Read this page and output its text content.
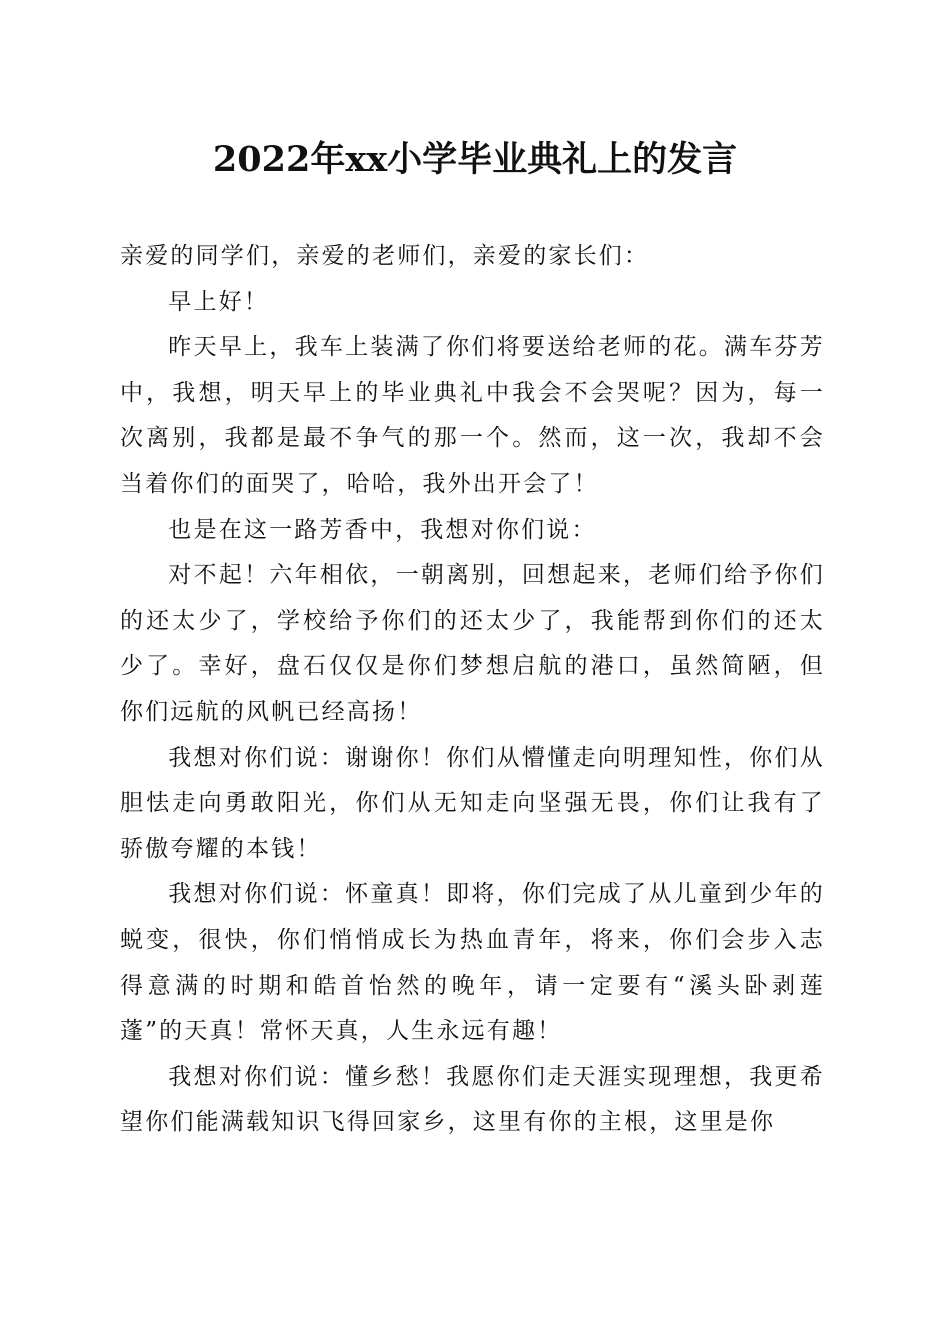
2022年xx小学毕业典礼上的发言

亲爱的同学们，亲爱的老师们，亲爱的家长们：

早上好！

昨天早上，我车上装满了你们将要送给老师的花。满车芬芳中，我想，明天早上的毕业典礼中我会不会哭呢？因为，每一次离别，我都是最不争气的那一个。然而，这一次，我却不会当着你们的面哭了，哈哈，我外出开会了！

也是在这一路芳香中，我想对你们说：

对不起！六年相依，一朝离别，回想起来，老师们给予你们的还太少了，学校给予你们的还太少了，我能帮到你们的还太少了。幸好，盘石仅仅是你们梦想启航的港口，虽然简陋，但你们远航的风帆已经高扬！

我想对你们说：谢谢你！你们从懵懂走向明理知性，你们从胆怯走向勇敢阳光，你们从无知走向坚强无畏，你们让我有了骄傲夸耀的本钱！

我想对你们说：怀童真！即将，你们完成了从儿童到少年的蜕变，很快，你们悄悄成长为热血青年，将来，你们会步入志得意满的时期和皓首怡然的晚年，请一定要有“溪头卧剥莲蓬”的天真！常怀天真，人生永远有趣！

我想对你们说：懂乡愁！我愿你们走天涯实现理想，我更希望你们能满载知识飞得回家乡，这里有你的主根，这里是你
